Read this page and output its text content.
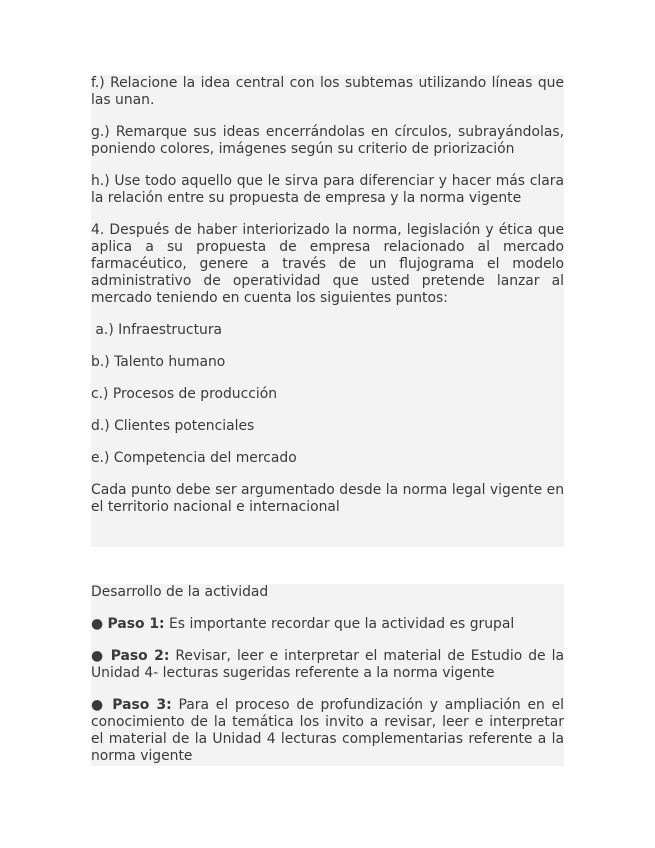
f.) Relacione la idea central con los subtemas utilizando líneas que las unan.

g.) Remarque sus ideas encerrándolas en círculos, subrayándolas, poniendo colores, imágenes según su criterio de priorización

h.) Use todo aquello que le sirva para diferenciar y hacer más clara la relación entre su propuesta de empresa y la norma vigente

4. Después de haber interiorizado la norma, legislación y ética que aplica a su propuesta de empresa relacionado al mercado farmacéutico, genere a través de un flujograma el modelo administrativo de operatividad que usted pretende lanzar al mercado teniendo en cuenta los siguientes puntos:

a.) Infraestructura

b.) Talento humano

c.) Procesos de producción

d.) Clientes potenciales

e.) Competencia del mercado

Cada punto debe ser argumentado desde la norma legal vigente en el territorio nacional e internacional

Desarrollo de la actividad

● Paso 1: Es importante recordar que la actividad es grupal

● Paso 2: Revisar, leer e interpretar el material de Estudio de la Unidad 4- lecturas sugeridas referente a la norma vigente

● Paso 3: Para el proceso de profundización y ampliación en el conocimiento de la temática los invito a revisar, leer e interpretar el material de la Unidad 4 lecturas complementarias referente a la norma vigente
